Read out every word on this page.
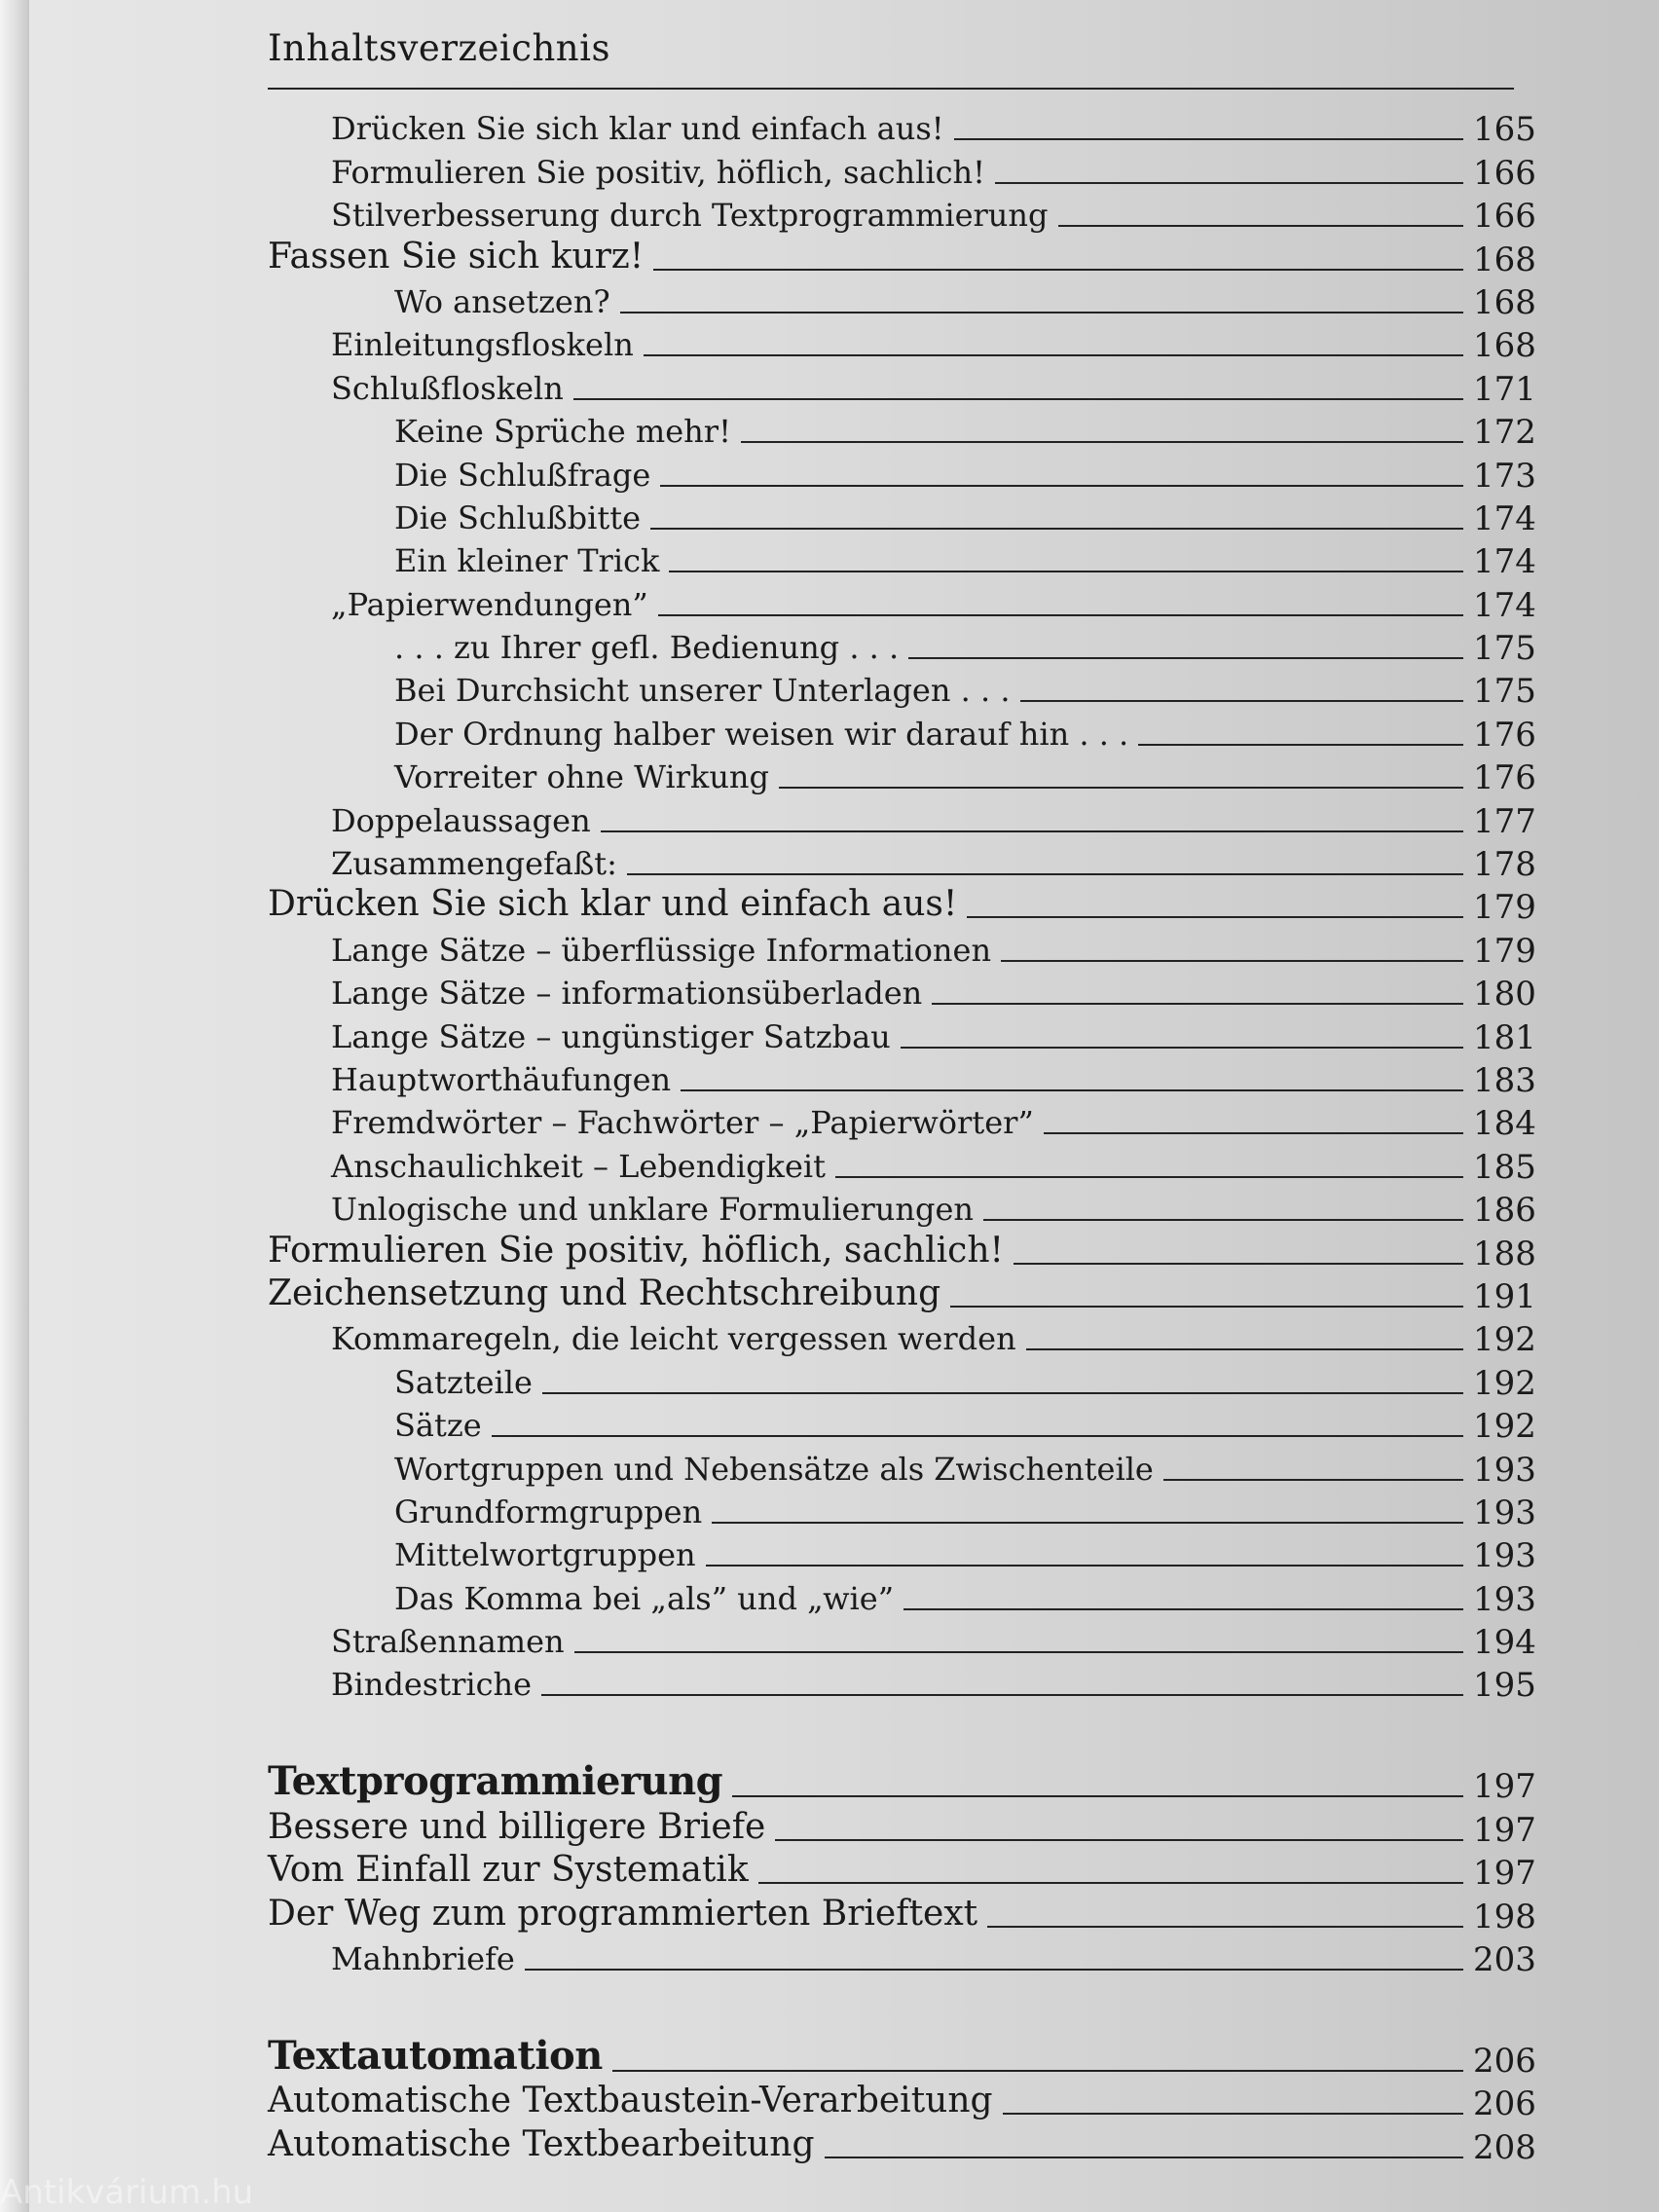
Inhaltsverzeichnis
Drücken Sie sich klar und einfach aus!	165
Formulieren Sie positiv, höflich, sachlich!	166
Stilverbesserung durch Textprogrammierung	166
Fassen Sie sich kurz!	168
Wo ansetzen?	168
Einleitungsfloskeln	168
Schlußfloskeln	171
Keine Sprüche mehr!	172
Die Schlußfrage	173
Die Schlußbitte	174
Ein kleiner Trick	174
„Papierwendungen”	174
. . . zu Ihrer gefl. Bedienung . . .	175
Bei Durchsicht unserer Unterlagen . . .	175
Der Ordnung halber weisen wir darauf hin . . .	176
Vorreiter ohne Wirkung	176
Doppelaussagen	177
Zusammengefaßt:	178
Drücken Sie sich klar und einfach aus!	179
Lange Sätze – überflüssige Informationen	179
Lange Sätze – informationsüberladen	180
Lange Sätze – ungünstiger Satzbau	181
Hauptworthäufungen	183
Fremdwörter – Fachwörter – „Papierwörter”	184
Anschaulichkeit – Lebendigkeit	185
Unlogische und unklare Formulierungen	186
Formulieren Sie positiv, höflich, sachlich!	188
Zeichensetzung und Rechtschreibung	191
Kommaregeln, die leicht vergessen werden	192
Satzteile	192
Sätze	192
Wortgruppen und Nebensätze als Zwischenteile	193
Grundformgruppen	193
Mittelwortgruppen	193
Das Komma bei „als” und „wie”	193
Straßennamen	194
Bindestriche	195
Textprogrammierung	197
Bessere und billigere Briefe	197
Vom Einfall zur Systematik	197
Der Weg zum programmierten Brieftext	198
Mahnbriefe	203
Textautomation	206
Automatische Textbaustein-Verarbeitung	206
Automatische Textbearbeitung	208
Antikvárium.hu
